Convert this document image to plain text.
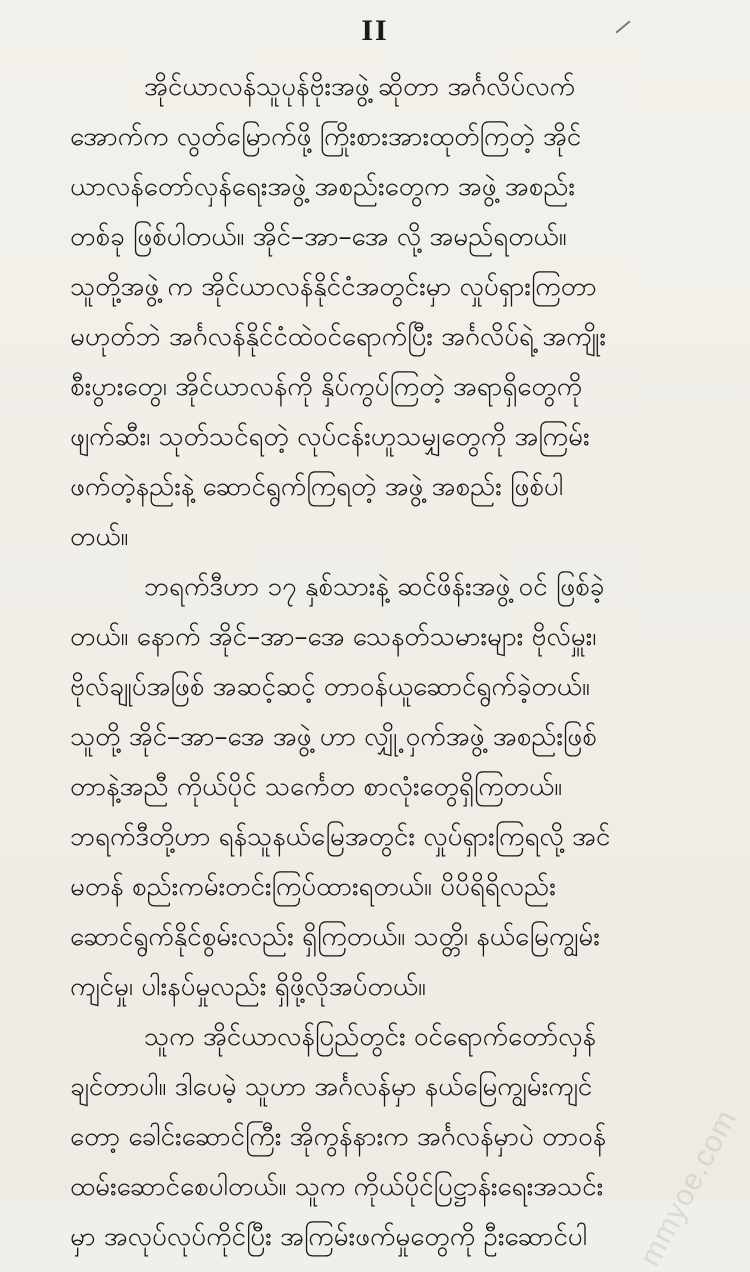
II
အိုင်ယာလန်သူပုန်ဗိုးအဖွဲ့ ဆိုတာ အင်္ဂလိပ်လက်
အောက်က လွတ်မြောက်ဖို့ ကြိုးစားအားထုတ်ကြတဲ့ အိုင်
ယာလန်တော်လှန်ရေးအဖွဲ့ အစည်းတွေက အဖွဲ့ အစည်း
တစ်ခု ဖြစ်ပါတယ်။ အိုင်–အာ–အေ လို့ အမည်ရတယ်။
သူတို့အဖွဲ့ က အိုင်ယာလန်နိုင်ငံအတွင်းမှာ လှုပ်ရှားကြတာ
မဟုတ်ဘဲ အင်္ဂလန်နိုင်ငံထဲဝင်ရောက်ပြီး အင်္ဂလိပ်ရဲ့ အကျိုး
စီးပွားတွေ၊ အိုင်ယာလန်ကို နှိပ်ကွပ်ကြတဲ့ အရာရှိတွေကို
ဖျက်ဆီး၊ သုတ်သင်ရတဲ့ လုပ်ငန်းဟူသမျှတွေကို အကြမ်း
ဖက်တဲ့နည်းနဲ့ ဆောင်ရွက်ကြရတဲ့ အဖွဲ့ အစည်း ဖြစ်ပါ
တယ်။
ဘရက်ဒီဟာ ၁၇ နှစ်သားနဲ့ ဆင်ဖိန်းအဖွဲ့ ဝင် ဖြစ်ခဲ့
တယ်။ နောက် အိုင်–အာ–အေ သေနတ်သမားများ ဗိုလ်မှူး၊
ဗိုလ်ချုပ်အဖြစ် အဆင့်ဆင့် တာဝန်ယူဆောင်ရွက်ခဲ့တယ်။
သူတို့ အိုင်–အာ–အေ အဖွဲ့ ဟာ လျှို့ ဝှက်အဖွဲ့ အစည်းဖြစ်
တာနဲ့အညီ ကိုယ်ပိုင် သင်္ကေတ စာလုံးတွေရှိကြတယ်။
ဘရက်ဒီတို့ဟာ ရန်သူနယ်မြေအတွင်း လှုပ်ရှားကြရလို့ အင်
မတန် စည်းကမ်းတင်းကြပ်ထားရတယ်။ ပိပိရိရိလည်း
ဆောင်ရွက်နိုင်စွမ်းလည်း ရှိကြတယ်။ သတ္တိ၊ နယ်မြေကျွမ်း
ကျင်မှု၊ ပါးနပ်မှုလည်း ရှိဖို့လိုအပ်တယ်။
သူက အိုင်ယာလန်ပြည်တွင်း ဝင်ရောက်တော်လှန်
ချင်တာပါ။ ဒါပေမဲ့ သူဟာ အင်္ဂလန်မှာ နယ်မြေကျွမ်းကျင်
တော့ ခေါင်းဆောင်ကြီး အိုကွန်နားက အင်္ဂလန်မှာပဲ တာဝန်
ထမ်းဆောင်စေပါတယ်။ သူက ကိုယ်ပိုင်ပြဋ္ဌာန်းရေးအသင်း
မှာ အလုပ်လုပ်ကိုင်ပြီး အကြမ်းဖက်မှုတွေကို ဦးဆောင်ပါ	mmyoe.com
